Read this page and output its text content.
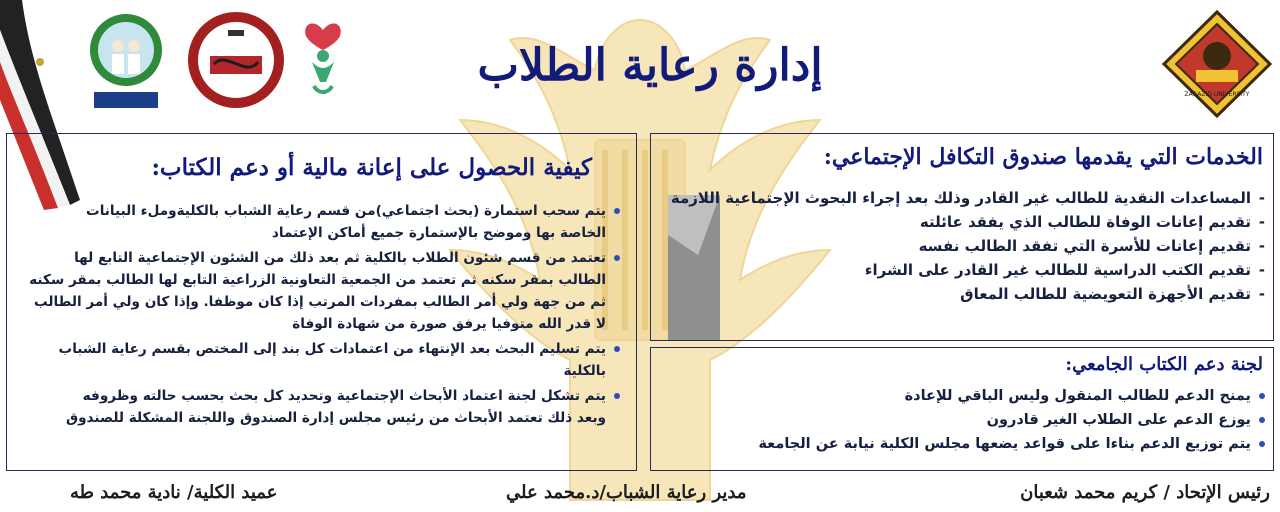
ZAGAZIG UNIVERSITY
إدارة رعاية الطلاب
الخدمات التي يقدمها صندوق التكافل الإجتماعي:
-
المساعدات النقدية للطالب غير القادر وذلك بعد إجراء البحوث الإجتماعية اللازمة
-
تقديم إعانات الوفاة للطالب الذي يفقد عائلته
-
تقديم إعانات للأسرة التي تفقد الطالب نفسه
-
تقديم الكتب الدراسية للطالب غير القادر على الشراء
-
تقديم الأجهزة التعويضية للطالب المعاق
لجنة دعم الكتاب الجامعي:
يمنح الدعم للطالب المنقول وليس الباقي للإعادة
يوزع الدعم على الطلاب الغير قادرون
يتم توزيع الدعم بناءا على قواعد يضعها مجلس الكلية نيابة عن الجامعة
كيفية الحصول على إعانة مالية أو دعم الكتاب:
يتم سحب استمارة (بحث اجتماعي)من قسم رعاية الشباب بالكليةوملء البيانات
الخاصة بها وموضح بالإستمارة جميع أماكن الإعتماد
تعتمد من قسم شئون الطلاب بالكلية ثم بعد ذلك من الشئون الإجتماعية التابع لها
الطالب بمقر سكنه ثم تعتمد من الجمعية التعاونية الزراعية التابع لها الطالب بمقر سكنه ثم من جهة ولي أمر الطالب بمفردات المرتب إذا كان موظفا. وإذا كان ولي أمر الطالب لا قدر الله متوفيا يرفق صورة من شهادة الوفاة
يتم تسليم البحث بعد الإنتهاء من اعتمادات كل بند إلى المختص بقسم رعاية الشباب
بالكلية
يتم تشكل لجنة اعتماد الأبحاث الإجتماعية وتحديد كل بحث بحسب حالته وظروفه
وبعد ذلك تعتمد الأبحاث من رئيس مجلس إدارة الصندوق واللجنة المشكلة للصندوق
رئيس الإتحاد / كريم محمد شعبان
مدير رعاية الشباب/د.محمد علي
عميد الكلية/ نادية محمد طه
